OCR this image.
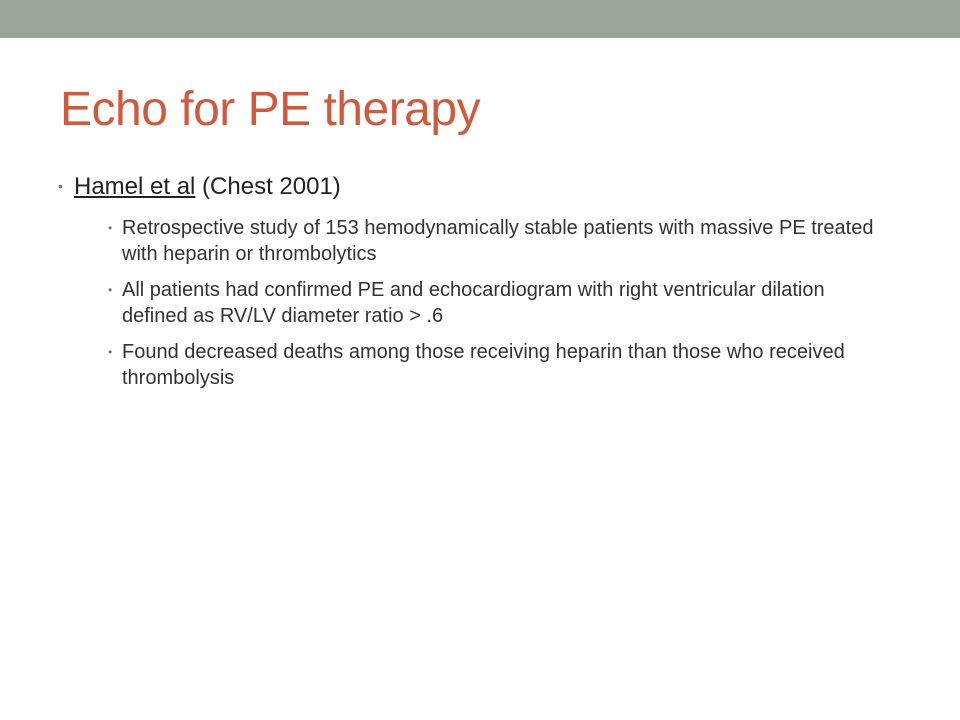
Echo for PE therapy
• Hamel et al (Chest 2001)
• Retrospective study of 153 hemodynamically stable patients with massive PE treated with heparin or thrombolytics
• All patients had confirmed PE and echocardiogram with right ventricular dilation defined as RV/LV diameter ratio > .6
• Found decreased deaths among those receiving heparin than those who received thrombolysis
